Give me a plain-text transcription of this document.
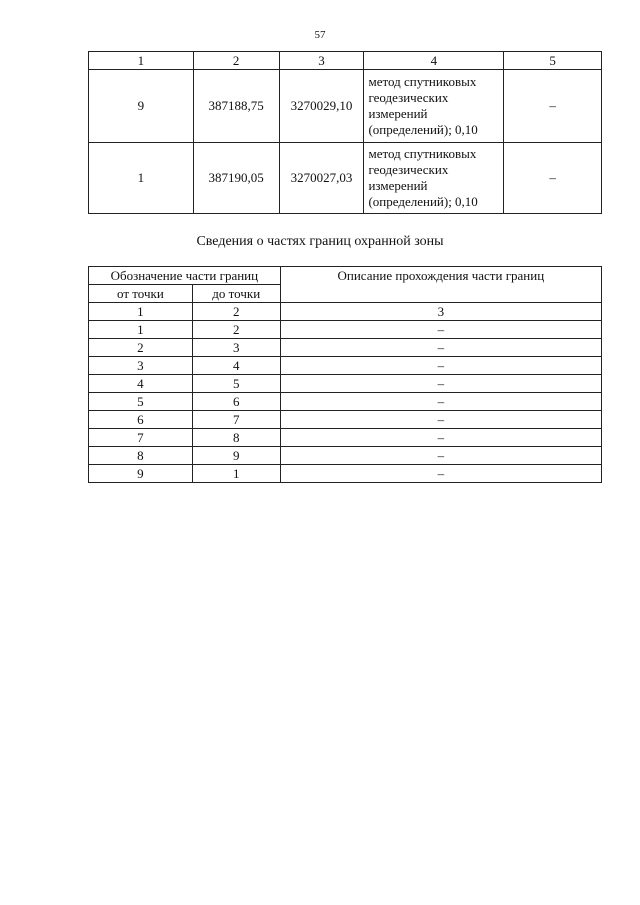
57
1	2	3	4	5
9	387188,75	3270029,10	метод спутниковых
геодезических
измерений
(определений); 0,10	–
1	387190,05	3270027,03	метод спутниковых
геодезических
измерений
(определений); 0,10	–
Сведения о частях границ охранной зоны
Обозначение части границ		Описание прохождения части границ
от точки	до точки	
1	2	3
1	2	–
2	3	–
3	4	–
4	5	–
5	6	–
6	7	–
7	8	–
8	9	–
9	1	–
